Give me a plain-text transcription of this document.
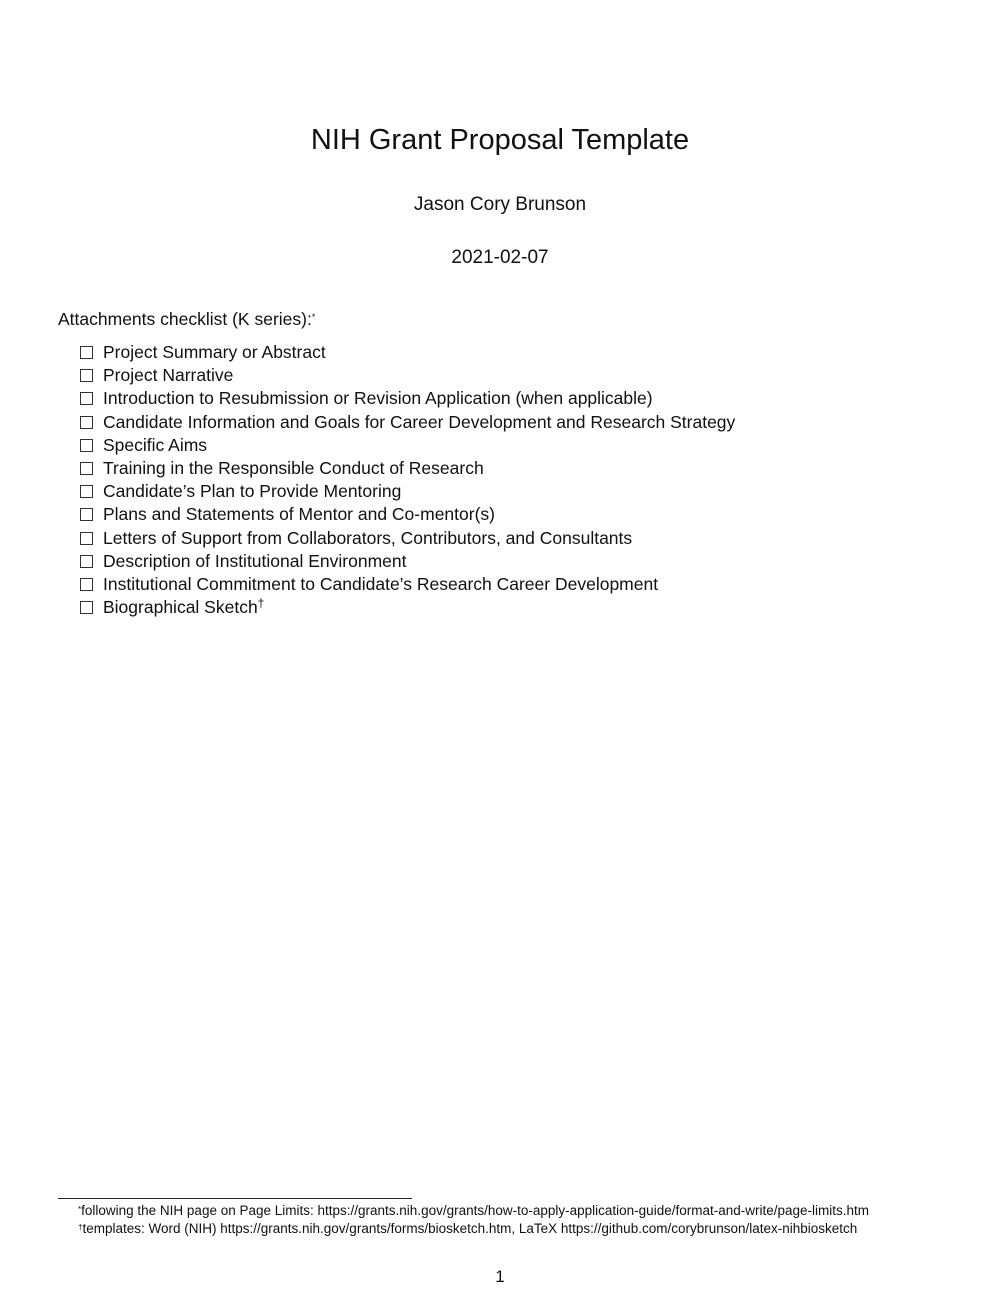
NIH Grant Proposal Template
Jason Cory Brunson
2021-02-07
Attachments checklist (K series):*
Project Summary or Abstract
Project Narrative
Introduction to Resubmission or Revision Application (when applicable)
Candidate Information and Goals for Career Development and Research Strategy
Specific Aims
Training in the Responsible Conduct of Research
Candidate’s Plan to Provide Mentoring
Plans and Statements of Mentor and Co-mentor(s)
Letters of Support from Collaborators, Contributors, and Consultants
Description of Institutional Environment
Institutional Commitment to Candidate’s Research Career Development
Biographical Sketch†
*following the NIH page on Page Limits: https://grants.nih.gov/grants/how-to-apply-application-guide/format-and-write/page-limits.htm
†templates: Word (NIH) https://grants.nih.gov/grants/forms/biosketch.htm, LaTeX https://github.com/corybrunson/latex-nihbiosketch
1
